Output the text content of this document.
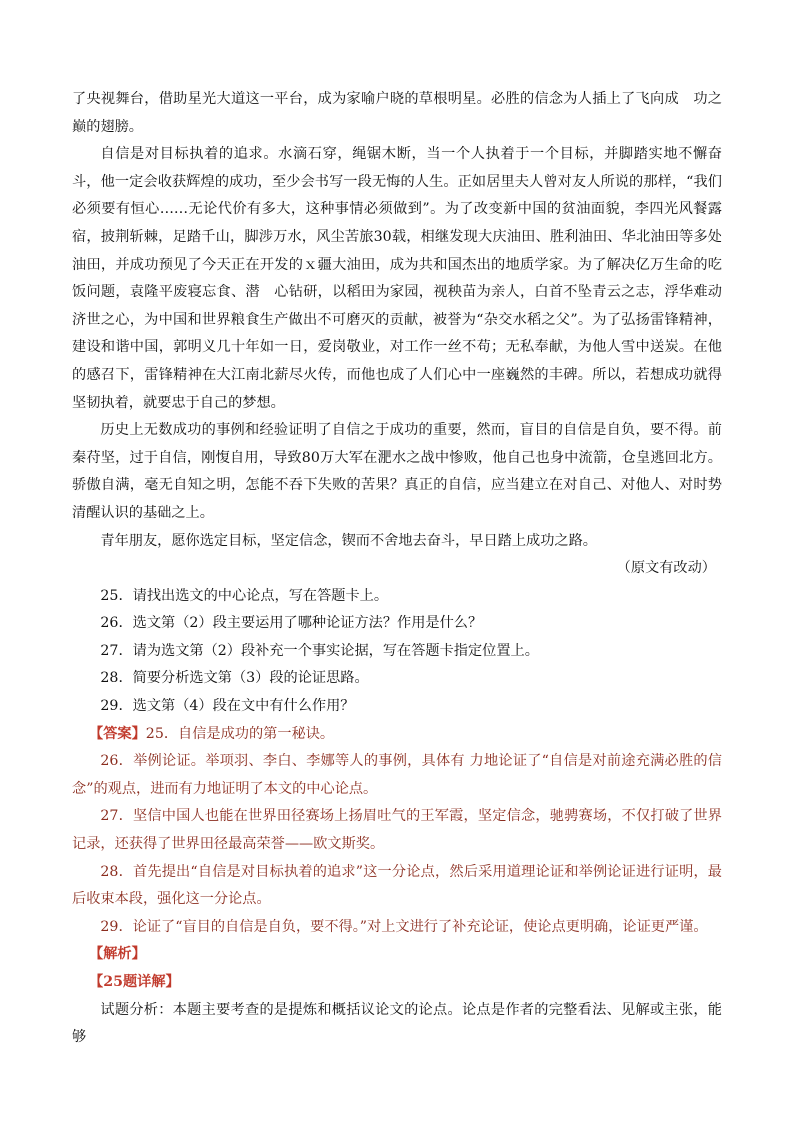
了央视舞台，借助星光大道这一平台，成为家喻户晓的草根明星。必胜的信念为人插上了飞向成　功之巅的翅膀。

自信是对目标执着的追求。水滴石穿，绳锯木断，当一个人执着于一个目标，并脚踏实地不懈奋斗，他一定会收获辉煌的成功，至少会书写一段无悔的人生。正如居里夫人曾对友人所说的那样，“我们必须要有恒心……无论代价有多大，这种事情必须做到”。为了改变新中国的贫油面貌，李四光风餐露宿，披荆斩棘，足踏千山，脚涉万水，风尘苦旅30载，相继发现大庆油田、胜利油田、华北油田等多处油田，并成功预见了今天正在开发的ｘ疆大油田，成为共和国杰出的地质学家。为了解决亿万生命的吃饭问题，袁隆平废寝忘食、潜　心钻研，以稻田为家园，视秧苗为亲人，白首不坠青云之志，浮华难动济世之心，为中国和世界粮食生产做出不可磨灭的贡献，被誉为“杂交水稻之父”。为了弘扬雷锋精神，建设和谐中国，郭明义几十年如一日，爱岗敬业，对工作一丝不苟；无私奉献，为他人雪中送炭。在他的感召下，雷锋精神在大江南北薪尽火传，而他也成了人们心中一座巍然的丰碑。所以，若想成功就得坚韧执着，就要忠于自己的梦想。

历史上无数成功的事例和经验证明了自信之于成功的重要，然而，盲目的自信是自负，要不得。前秦苻坚，过于自信，刚愎自用，导致80万大军在淝水之战中惨败，他自己也身中流箭，仓皇逃回北方。骄傲自满，毫无自知之明，怎能不吞下失败的苦果？真正的自信，应当建立在对自己、对他人、对时势清醒认识的基础之上。

青年朋友，愿你选定目标，坚定信念，锲而不舍地去奋斗，早日踏上成功之路。

（原文有改动）

25．请找出选文的中心论点，写在答题卡上。

26．选文第（2）段主要运用了哪种论证方法？作用是什么？

27．请为选文第（2）段补充一个事实论据，写在答题卡指定位置上。

28．简要分析选文第（3）段的论证思路。

29．选文第（4）段在文中有什么作用？

【答案】25．自信是成功的第一秘诀。

26．举例论证。举项羽、李白、李娜等人的事例，具体有 力地论证了“自信是对前途充满必胜的信念”的观点，进而有力地证明了本文的中心论点。

27．坚信中国人也能在世界田径赛场上扬眉吐气的王军霞，坚定信念，驰骋赛场，不仅打破了世界记录，还获得了世界田径最高荣誉——欧文斯奖。

28．首先提出“自信是对目标执着的追求”这一分论点，然后采用道理论证和举例论证进行证明，最后收束本段，强化这一分论点。

29．论证了“盲目的自信是自负，要不得。”对上文进行了补充论证，使论点更明确，论证更严谨。

【解析】

【25题详解】

试题分析：本题主要考查的是提炼和概括议论文的论点。论点是作者的完整看法、见解或主张，能够
